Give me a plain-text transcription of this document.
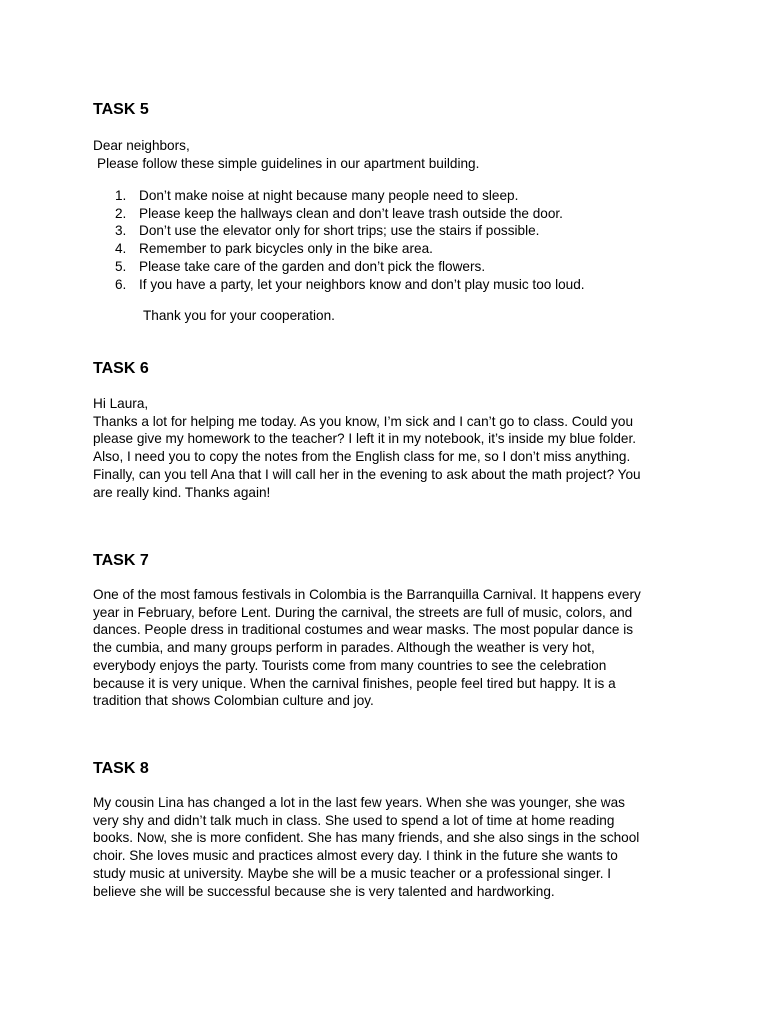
TASK 5

Dear neighbors,

Please follow these simple guidelines in our apartment building.

1. Don’t make noise at night because many people need to sleep.
2. Please keep the hallways clean and don’t leave trash outside the door.
3. Don’t use the elevator only for short trips; use the stairs if possible.
4. Remember to park bicycles only in the bike area.
5. Please take care of the garden and don’t pick the flowers.
6. If you have a party, let your neighbors know and don’t play music too loud.

Thank you for your cooperation.

TASK 6

Hi Laura,

Thanks a lot for helping me today. As you know, I’m sick and I can’t go to class. Could you

please give my homework to the teacher? I left it in my notebook, it’s inside my blue folder.

Also, I need you to copy the notes from the English class for me, so I don’t miss anything.

Finally, can you tell Ana that I will call her in the evening to ask about the math project? You

are really kind. Thanks again!

TASK 7

One of the most famous festivals in Colombia is the Barranquilla Carnival. It happens every

year in February, before Lent. During the carnival, the streets are full of music, colors, and

dances. People dress in traditional costumes and wear masks. The most popular dance is

the cumbia, and many groups perform in parades. Although the weather is very hot,

everybody enjoys the party. Tourists come from many countries to see the celebration

because it is very unique. When the carnival finishes, people feel tired but happy. It is a

tradition that shows Colombian culture and joy.

TASK 8

My cousin Lina has changed a lot in the last few years. When she was younger, she was

very shy and didn’t talk much in class. She used to spend a lot of time at home reading

books. Now, she is more confident. She has many friends, and she also sings in the school

choir. She loves music and practices almost every day. I think in the future she wants to

study music at university. Maybe she will be a music teacher or a professional singer. I

believe she will be successful because she is very talented and hardworking.
